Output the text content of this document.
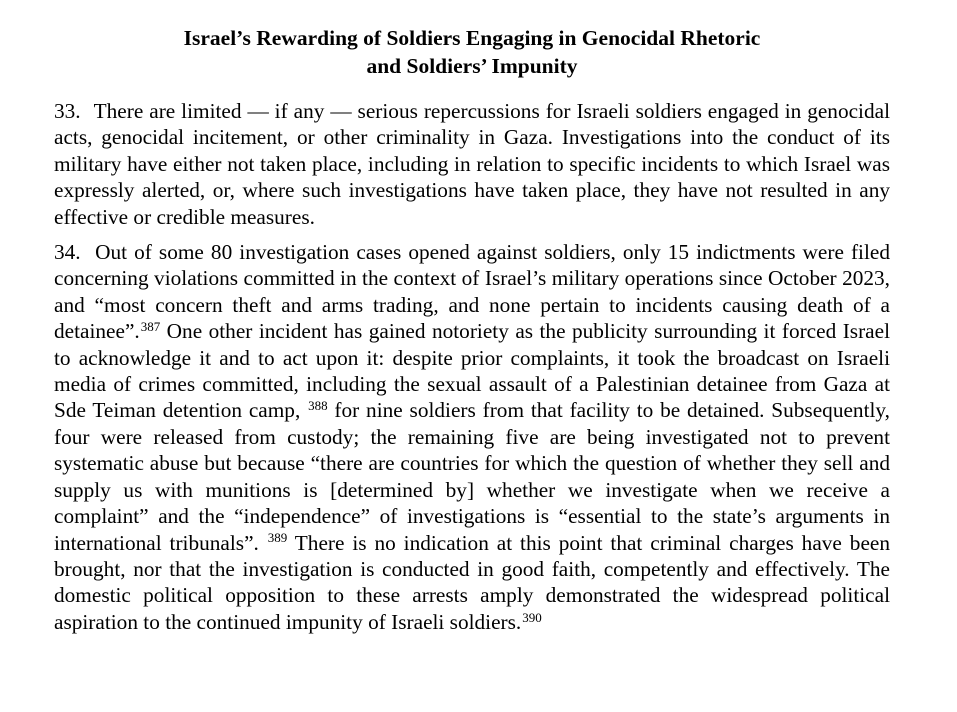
Israel’s Rewarding of Soldiers Engaging in Genocidal Rhetoric
and Soldiers’ Impunity

33. There are limited — if any — serious repercussions for Israeli soldiers engaged in genocidal acts, genocidal incitement, or other criminality in Gaza. Investigations into the conduct of its military have either not taken place, including in relation to specific incidents to which Israel was expressly alerted, or, where such investigations have taken place, they have not resulted in any effective or credible measures.

34. Out of some 80 investigation cases opened against soldiers, only 15 indictments were filed concerning violations committed in the context of Israel’s military operations since October 2023, and “most concern theft and arms trading, and none pertain to incidents causing death of a detainee”.$^{387}$ One other incident has gained notoriety as the publicity surrounding it forced Israel to acknowledge it and to act upon it: despite prior complaints, it took the broadcast on Israeli media of crimes committed, including the sexual assault of a Palestinian detainee from Gaza at Sde Teiman detention camp, $^{388}$ for nine soldiers from that facility to be detained. Subsequently, four were released from custody; the remaining five are being investigated not to prevent systematic abuse but because “there are countries for which the question of whether they sell and supply us with munitions is [determined by] whether we investigate when we receive a complaint” and the “independence” of investigations is “essential to the state’s arguments in international tribunals”. $^{389}$ There is no indication at this point that criminal charges have been brought, nor that the investigation is conducted in good faith, competently and effectively. The domestic political opposition to these arrests amply demonstrated the widespread political aspiration to the continued impunity of Israeli soldiers.$^{390}$
